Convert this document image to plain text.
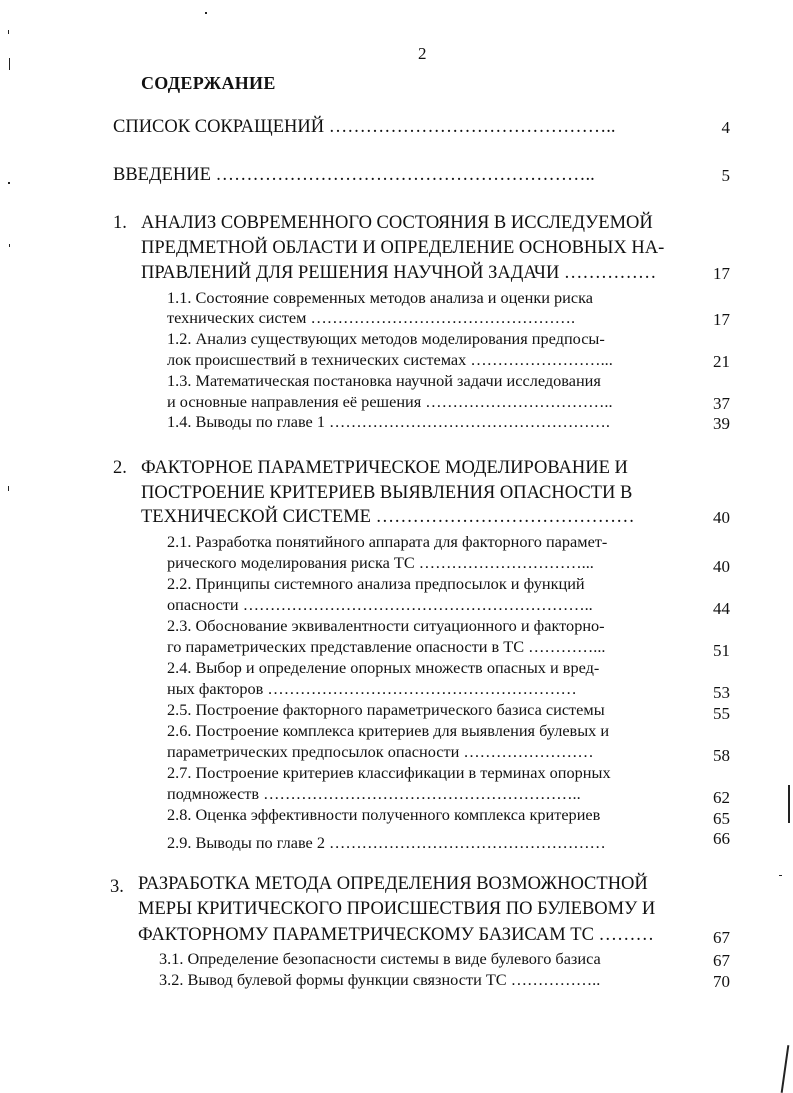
2
СОДЕРЖАНИЕ
СПИСОК СОКРАЩЕНИЙ ………………………………………..	4
ВВЕДЕНИЕ ……………………………………………………..	5
1. АНАЛИЗ СОВРЕМЕННОГО СОСТОЯНИЯ В ИССЛЕДУЕМОЙ
ПРЕДМЕТНОЙ ОБЛАСТИ И ОПРЕДЕЛЕНИЕ ОСНОВНЫХ НА-
ПРАВЛЕНИЙ ДЛЯ РЕШЕНИЯ НАУЧНОЙ ЗАДАЧИ ……………	17
1.1. Состояние современных методов анализа и оценки риска
технических систем ………………………………………….	17
1.2. Анализ существующих методов моделирования предпосы-
лок происшествий в технических системах ……………………...	21
1.3. Математическая постановка научной задачи исследования
и основные направления её решения ……………………………..	37
1.4. Выводы по главе 1 …………………………………………….	39
2. ФАКТОРНОЕ ПАРАМЕТРИЧЕСКОЕ МОДЕЛИРОВАНИЕ И
ПОСТРОЕНИЕ КРИТЕРИЕВ ВЫЯВЛЕНИЯ ОПАСНОСТИ В
ТЕХНИЧЕСКОЙ СИСТЕМЕ ……………………………………	40
2.1. Разработка понятийного аппарата для факторного парамет-
рического моделирования риска ТС …………………………...	40
2.2. Принципы системного анализа предпосылок и функций
опасности ………………………………………………………..	44
2.3. Обоснование эквивалентности ситуационного и факторно-
го параметрических представление опасности в ТС …………...	51
2.4. Выбор и определение опорных множеств опасных и вред-
ных факторов …………………………………………………	53
2.5. Построение факторного параметрического базиса системы	55
2.6. Построение комплекса критериев для выявления булевых и
параметрических предпосылок опасности ……………………	58
2.7. Построение критериев классификации в терминах опорных
подмножеств …………………………………………………..	62
2.8. Оценка эффективности полученного комплекса критериев	65
2.9. Выводы по главе 2 ……………………………………………	66
3. РАЗРАБОТКА МЕТОДА ОПРЕДЕЛЕНИЯ ВОЗМОЖНОСТНОЙ
МЕРЫ КРИТИЧЕСКОГО ПРОИСШЕСТВИЯ ПО БУЛЕВОМУ И
ФАКТОРНОМУ ПАРАМЕТРИЧЕСКОМУ БАЗИСАМ ТС ………	67
3.1. Определение безопасности системы в виде булевого базиса	67
3.2. Вывод булевой формы функции связности ТС ……………..	70
